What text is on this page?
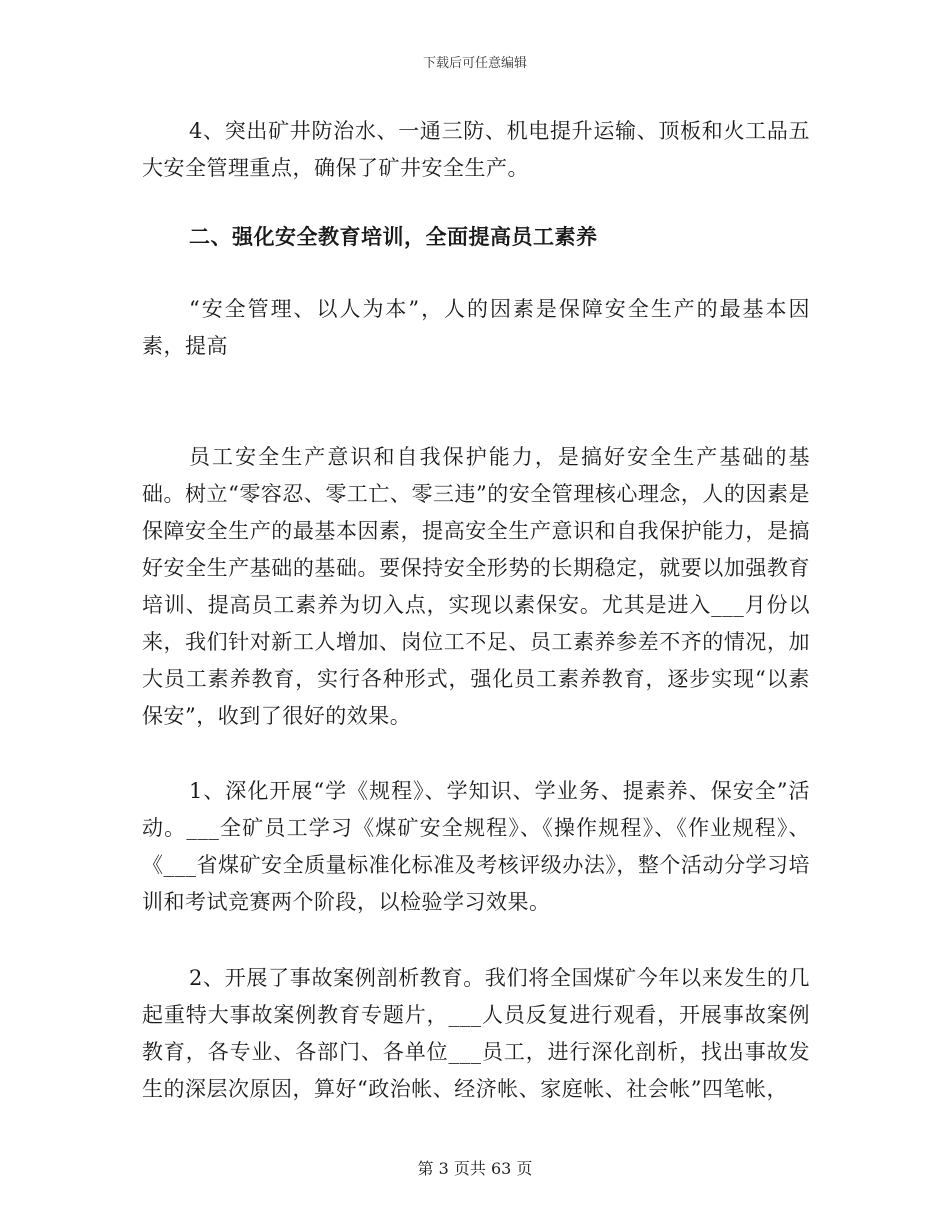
下载后可任意编辑

4、突出矿井防治水、一通三防、机电提升运输、顶板和火工品五大安全管理重点，确保了矿井安全生产。

二、强化安全教育培训，全面提高员工素养

“安全管理、以人为本”，人的因素是保障安全生产的最基本因素，提高

员工安全生产意识和自我保护能力，是搞好安全生产基础的基础。树立“零容忍、零工亡、零三违”的安全管理核心理念，人的因素是保障安全生产的最基本因素，提高安全生产意识和自我保护能力，是搞好安全生产基础的基础。要保持安全形势的长期稳定，就要以加强教育培训、提高员工素养为切入点，实现以素保安。尤其是进入___月份以来，我们针对新工人增加、岗位工不足、员工素养参差不齐的情况，加大员工素养教育，实行各种形式，强化员工素养教育，逐步实现“以素保安”，收到了很好的效果。

1、深化开展“学《规程》、学知识、学业务、提素养、保安全”活动。___全矿员工学习《煤矿安全规程》、《操作规程》、《作业规程》、《___省煤矿安全质量标准化标准及考核评级办法》，整个活动分学习培训和考试竞赛两个阶段，以检验学习效果。

2、开展了事故案例剖析教育。我们将全国煤矿今年以来发生的几起重特大事故案例教育专题片，___人员反复进行观看，开展事故案例教育，各专业、各部门、各单位___员工，进行深化剖析，找出事故发生的深层次原因，算好“政治帐、经济帐、家庭帐、社会帐”四笔帐，

第 3 页共 63 页
